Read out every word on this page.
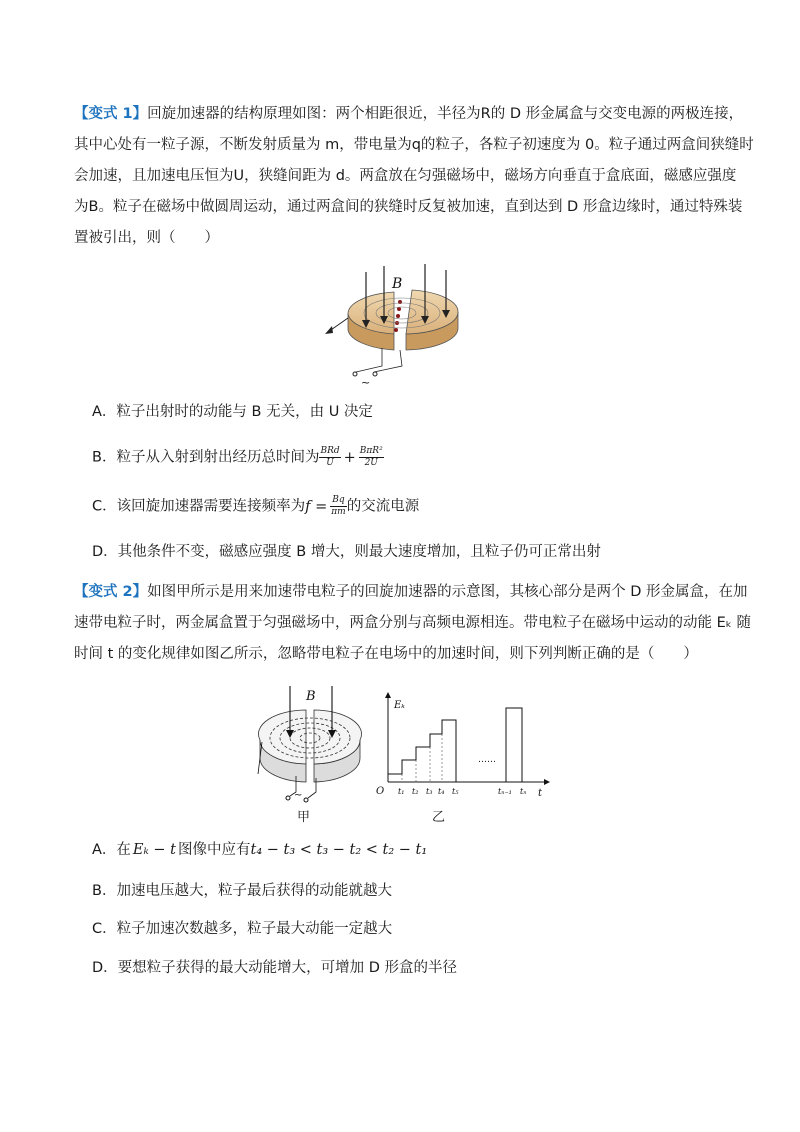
【变式 1】回旋加速器的结构原理如图：两个相距很近，半径为R的 D 形金属盒与交变电源的两极连接，
其中心处有一粒子源，不断发射质量为 m，带电量为q的粒子，各粒子初速度为 0。粒子通过两盒间狭缝时
会加速，且加速电压恒为U，狭缝间距为 d。两盒放在匀强磁场中，磁场方向垂直于盒底面，磁感应强度
为B。粒子在磁场中做圆周运动，通过两盒间的狭缝时反复被加速，直到达到 D 形盒边缘时，通过特殊装
置被引出，则（　　）
B
~
A．粒子出射时的动能与 B 无关，由 U 决定
B．粒子从入射到射出经历总时间为 $\frac{\text{BRd}}{U} + \frac{\text{BπR²}}{2U}$
C．该回旋加速器需要连接频率为$f = \frac{Bq}{\pi m}$ 的交流电源
D．其他条件不变，磁感应强度 B 增大，则最大速度增加，且粒子仍可正常出射
【变式 2】如图甲所示是用来加速带电粒子的回旋加速器的示意图，其核心部分是两个 D 形金属盒，在加
速带电粒子时，两金属盒置于匀强磁场中，两盒分别与高频电源相连。带电粒子在磁场中运动的动能 Eₖ 随
时间 t 的变化规律如图乙所示，忽略带电粒子在电场中的加速时间，则下列判断正确的是（　　）
B
~
甲
Eₖ
O	t
……
t₁ t₂ t₃ t₄ t₅	tₙ₋₁ tₙ
乙
A．在 Eₖ − t 图像中应有t₄ − t₃ < t₃ − t₂ < t₂ − t₁
B．加速电压越大，粒子最后获得的动能就越大
C．粒子加速次数越多，粒子最大动能一定越大
D．要想粒子获得的最大动能增大，可增加 D 形盒的半径
